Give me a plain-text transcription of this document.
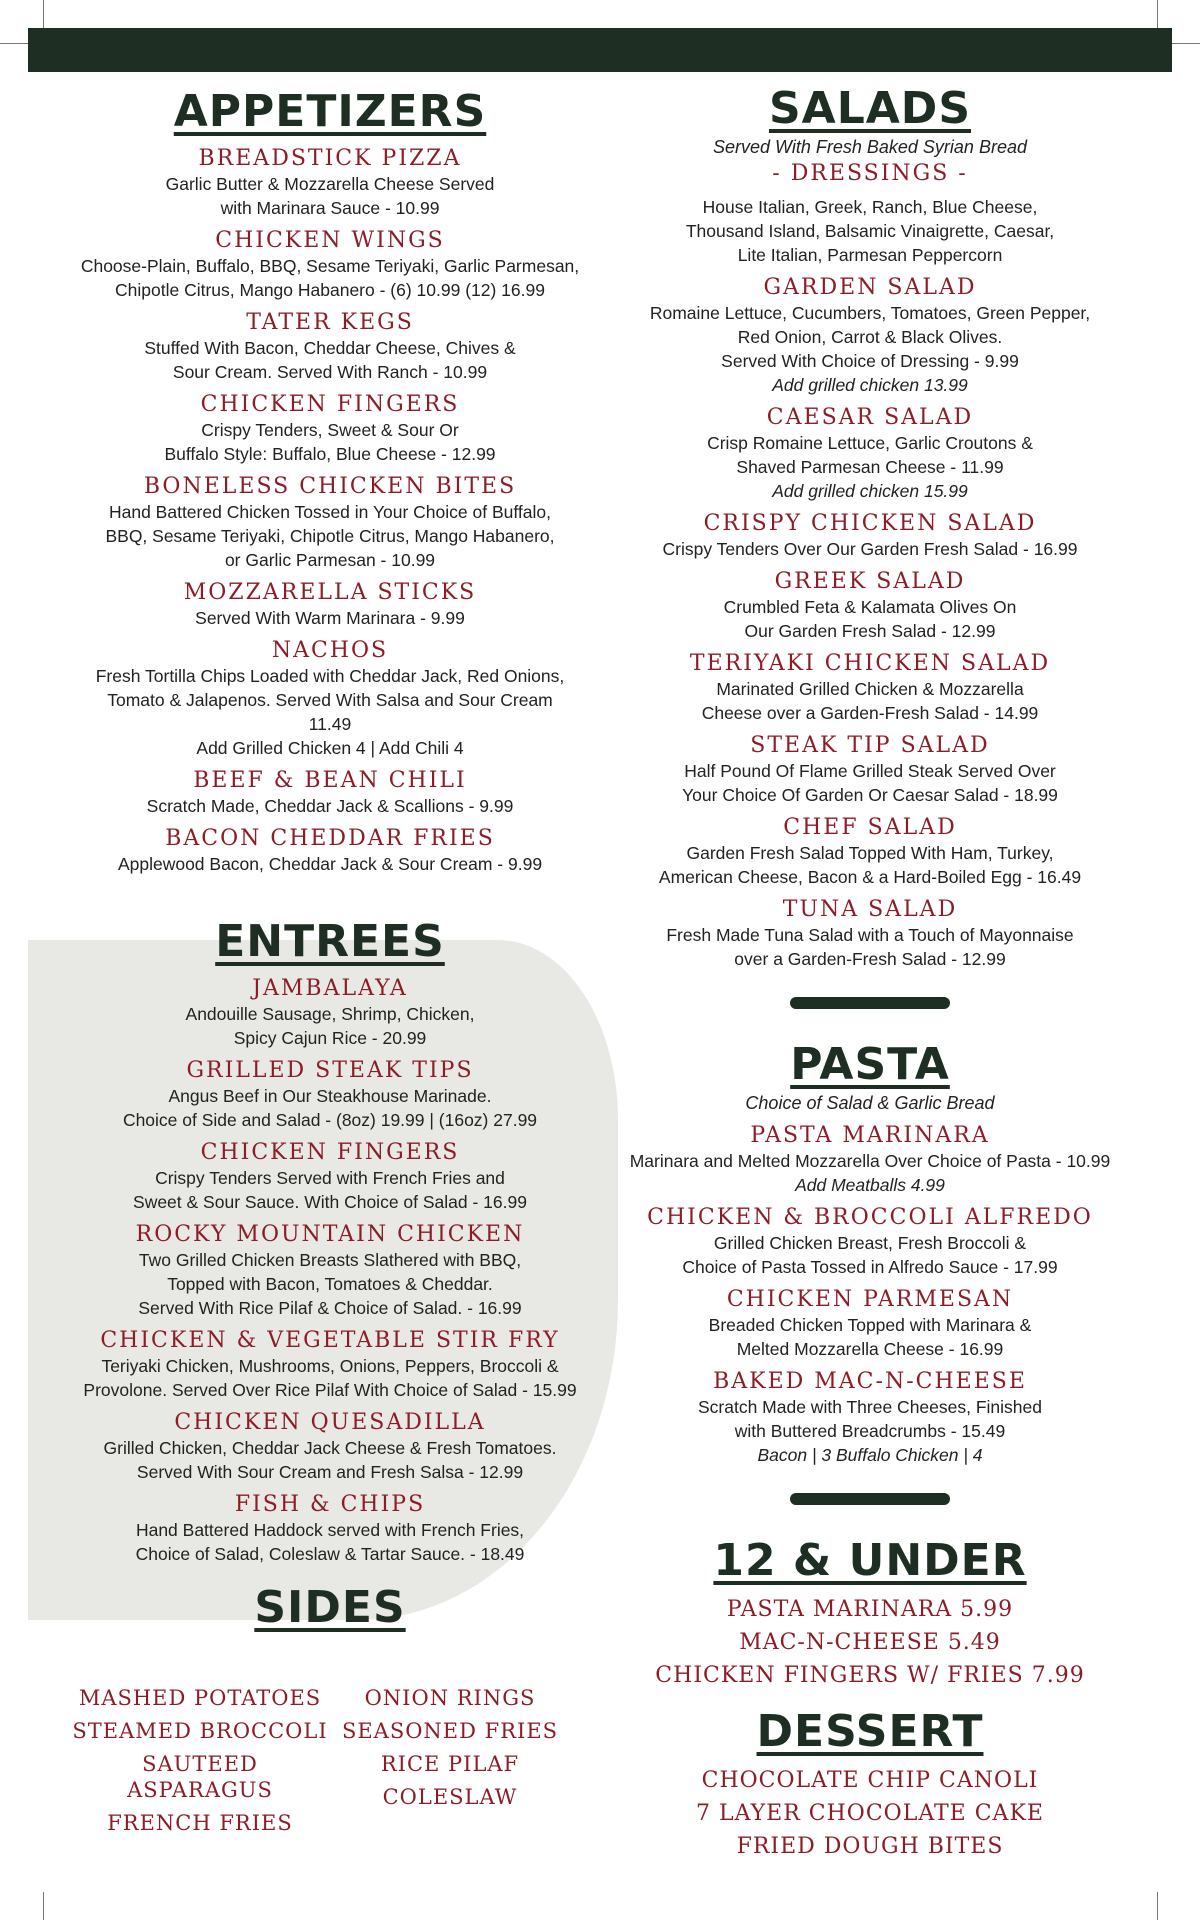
APPETIZERS
BREADSTICK PIZZA
Garlic Butter & Mozzarella Cheese Served
with Marinara Sauce - 10.99
CHICKEN WINGS
Choose-Plain, Buffalo, BBQ, Sesame Teriyaki, Garlic Parmesan,
Chipotle Citrus, Mango Habanero - (6) 10.99 (12) 16.99
TATER KEGS
Stuffed With Bacon, Cheddar Cheese, Chives &
Sour Cream. Served With Ranch - 10.99
CHICKEN FINGERS
Crispy Tenders, Sweet & Sour Or
Buffalo Style: Buffalo, Blue Cheese - 12.99
BONELESS CHICKEN BITES
Hand Battered Chicken Tossed in Your Choice of Buffalo,
BBQ, Sesame Teriyaki, Chipotle Citrus, Mango Habanero,
or Garlic Parmesan - 10.99
MOZZARELLA STICKS
Served With Warm Marinara - 9.99
NACHOS
Fresh Tortilla Chips Loaded with Cheddar Jack, Red Onions,
Tomato & Jalapenos. Served With Salsa and Sour Cream
11.49
Add Grilled Chicken 4 | Add Chili 4
BEEF & BEAN CHILI
Scratch Made, Cheddar Jack & Scallions - 9.99
BACON CHEDDAR FRIES
Applewood Bacon, Cheddar Jack & Sour Cream - 9.99
ENTREES
JAMBALAYA
Andouille Sausage, Shrimp, Chicken,
Spicy Cajun Rice - 20.99
GRILLED STEAK TIPS
Angus Beef in Our Steakhouse Marinade.
Choice of Side and Salad - (8oz) 19.99 | (16oz) 27.99
CHICKEN FINGERS
Crispy Tenders Served with French Fries and
Sweet & Sour Sauce. With Choice of Salad - 16.99
ROCKY MOUNTAIN CHICKEN
Two Grilled Chicken Breasts Slathered with BBQ,
Topped with Bacon, Tomatoes & Cheddar.
Served With Rice Pilaf & Choice of Salad. - 16.99
CHICKEN & VEGETABLE STIR FRY
Teriyaki Chicken, Mushrooms, Onions, Peppers, Broccoli &
Provolone. Served Over Rice Pilaf With Choice of Salad - 15.99
CHICKEN QUESADILLA
Grilled Chicken, Cheddar Jack Cheese & Fresh Tomatoes.
Served With Sour Cream and Fresh Salsa - 12.99
FISH & CHIPS
Hand Battered Haddock served with French Fries,
Choice of Salad, Coleslaw & Tartar Sauce. - 18.49
SIDES
MASHED POTATOES
STEAMED BROCCOLI
SAUTEED
ASPARAGUS
FRENCH FRIES
ONION RINGS
SEASONED FRIES
RICE PILAF
COLESLAW
SALADS
Served With Fresh Baked Syrian Bread
- DRESSINGS -
House Italian, Greek, Ranch, Blue Cheese,
Thousand Island, Balsamic Vinaigrette, Caesar,
Lite Italian, Parmesan Peppercorn
GARDEN SALAD
Romaine Lettuce, Cucumbers, Tomatoes, Green Pepper,
Red Onion, Carrot & Black Olives.
Served With Choice of Dressing - 9.99
Add grilled chicken 13.99
CAESAR SALAD
Crisp Romaine Lettuce, Garlic Croutons &
Shaved Parmesan Cheese - 11.99
Add grilled chicken 15.99
CRISPY CHICKEN SALAD
Crispy Tenders Over Our Garden Fresh Salad - 16.99
GREEK SALAD
Crumbled Feta & Kalamata Olives On
Our Garden Fresh Salad - 12.99
TERIYAKI CHICKEN SALAD
Marinated Grilled Chicken & Mozzarella
Cheese over a Garden-Fresh Salad - 14.99
STEAK TIP SALAD
Half Pound Of Flame Grilled Steak Served Over
Your Choice Of Garden Or Caesar Salad - 18.99
CHEF SALAD
Garden Fresh Salad Topped With Ham, Turkey,
American Cheese, Bacon & a Hard-Boiled Egg - 16.49
TUNA SALAD
Fresh Made Tuna Salad with a Touch of Mayonnaise
over a Garden-Fresh Salad - 12.99
PASTA
Choice of Salad & Garlic Bread
PASTA MARINARA
Marinara and Melted Mozzarella Over Choice of Pasta - 10.99
Add Meatballs 4.99
CHICKEN & BROCCOLI ALFREDO
Grilled Chicken Breast, Fresh Broccoli &
Choice of Pasta Tossed in Alfredo Sauce - 17.99
CHICKEN PARMESAN
Breaded Chicken Topped with Marinara &
Melted Mozzarella Cheese - 16.99
BAKED MAC-N-CHEESE
Scratch Made with Three Cheeses, Finished
with Buttered Breadcrumbs - 15.49
Bacon | 3 Buffalo Chicken | 4
12 & UNDER
PASTA MARINARA 5.99
MAC-N-CHEESE 5.49
CHICKEN FINGERS W/ FRIES 7.99
DESSERT
CHOCOLATE CHIP CANOLI
7 LAYER CHOCOLATE CAKE
FRIED DOUGH BITES
